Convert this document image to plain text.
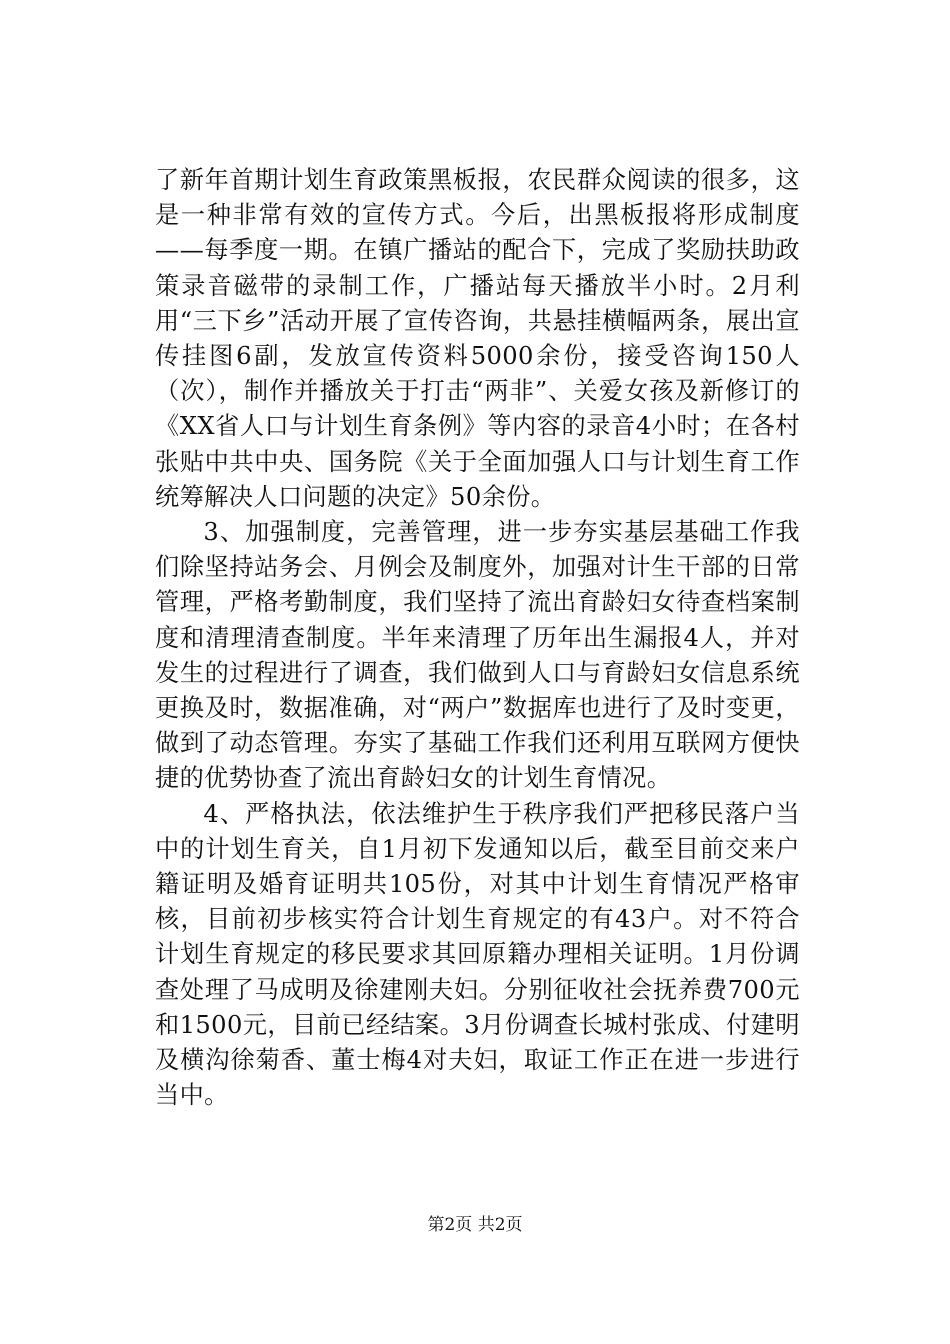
了新年首期计划生育政策黑板报，农民群众阅读的很多，这是一种非常有效的宣传方式。今后，出黑板报将形成制度——每季度一期。在镇广播站的配合下，完成了奖励扶助政策录音磁带的录制工作，广播站每天播放半小时。2月利用“三下乡”活动开展了宣传咨询，共悬挂横幅两条，展出宣传挂图6副，发放宣传资料5000余份，接受咨询150人（次），制作并播放关于打击“两非”、关爱女孩及新修订的《XX省人口与计划生育条例》等内容的录音4小时；在各村张贴中共中央、国务院《关于全面加强人口与计划生育工作统筹解决人口问题的决定》50余份。

3、加强制度，完善管理，进一步夯实基层基础工作我们除坚持站务会、月例会及制度外，加强对计生干部的日常管理，严格考勤制度，我们坚持了流出育龄妇女待查档案制度和清理清查制度。半年来清理了历年出生漏报4人，并对发生的过程进行了调查，我们做到人口与育龄妇女信息系统更换及时，数据准确，对“两户”数据库也进行了及时变更，做到了动态管理。夯实了基础工作我们还利用互联网方便快捷的优势协查了流出育龄妇女的计划生育情况。

4、严格执法，依法维护生于秩序我们严把移民落户当中的计划生育关，自1月初下发通知以后，截至目前交来户籍证明及婚育证明共105份，对其中计划生育情况严格审核，目前初步核实符合计划生育规定的有43户。对不符合计划生育规定的移民要求其回原籍办理相关证明。1月份调查处理了马成明及徐建刚夫妇。分别征收社会抚养费700元和1500元，目前已经结案。3月份调查长城村张成、付建明及横沟徐菊香、董士梅4对夫妇，取证工作正在进一步进行当中。

第2页 共2页
